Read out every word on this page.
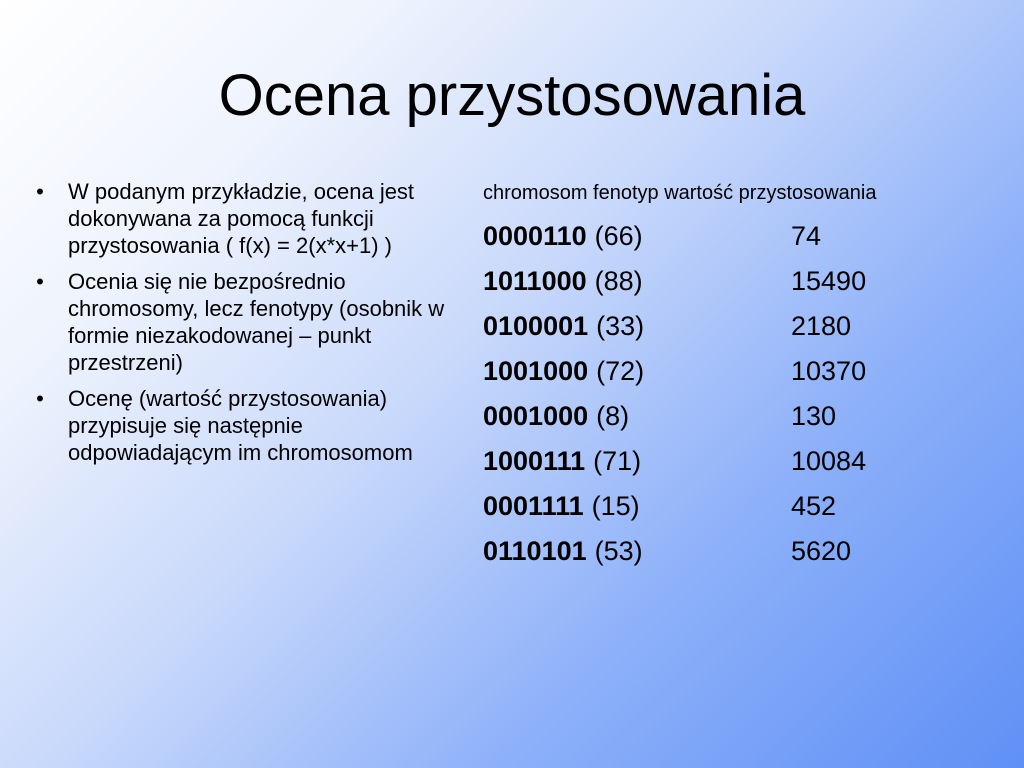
Ocena przystosowania
• W podanym przykładzie, ocena jest dokonywana za pomocą funkcji przystosowania ( f(x) = 2(x*x+1) )
• Ocenia się nie bezpośrednio chromosomy, lecz fenotypy (osobnik w formie niezakodowanej – punkt przestrzeni)
• Ocenę (wartość przystosowania) przypisuje się następnie odpowiadającym im chromosomom
chromosom fenotyp wartość przystosowania
0000110 (66)	74
1011000 (88)	15490
0100001 (33)	2180
1001000 (72)	10370
0001000 (8)	130
1000111 (71)	10084
0001111 (15)	452
0110101 (53)	5620
